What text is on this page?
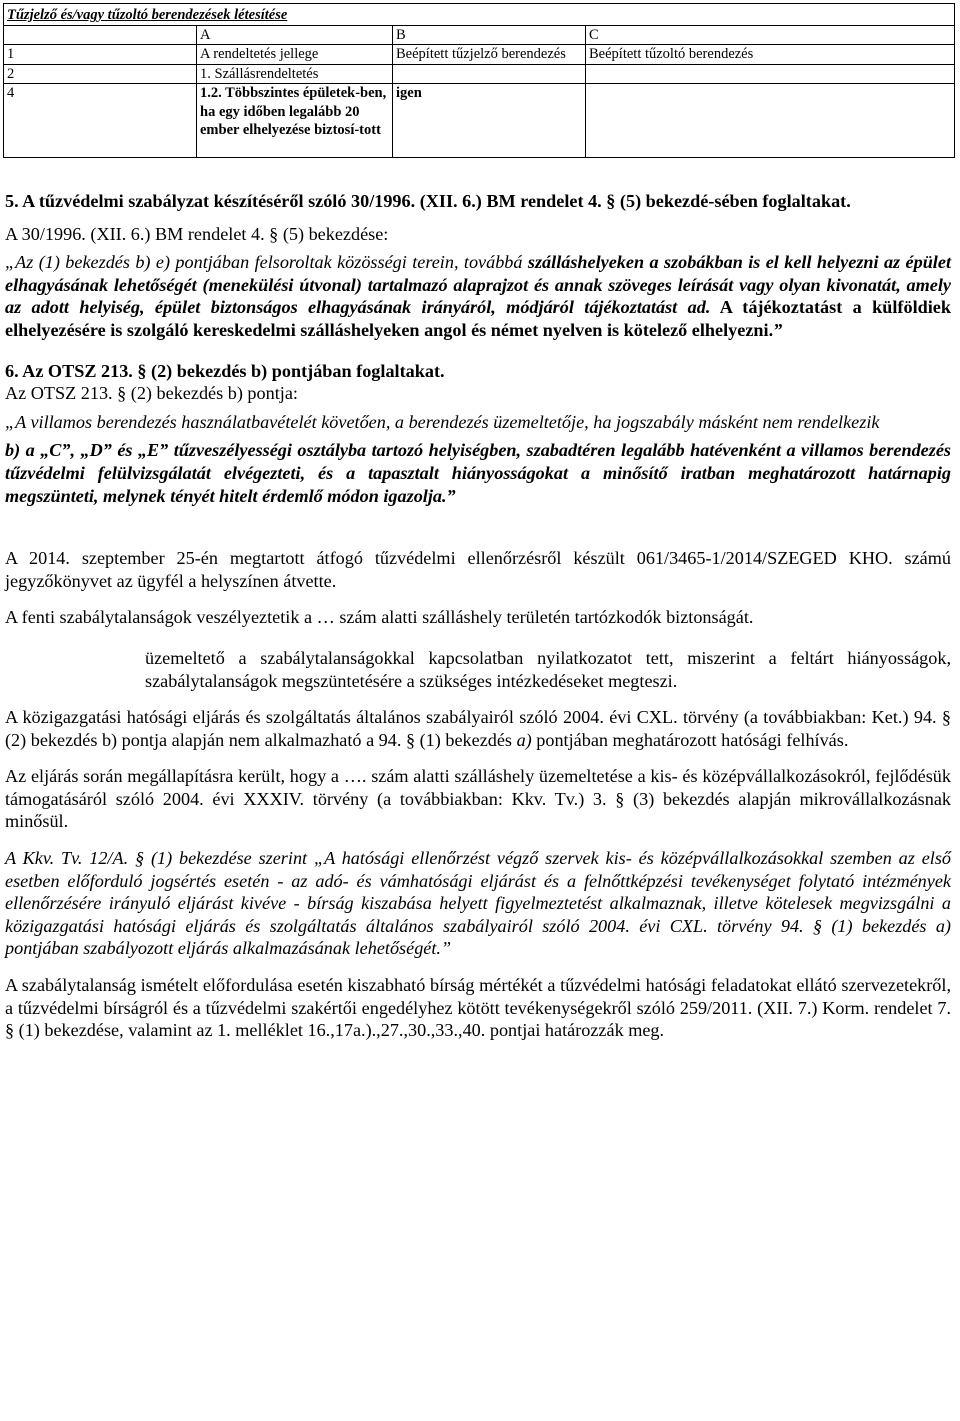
Tűzjelző és/vagy tűzoltó berendezések létesítése			
	A	B	C
1	A rendeltetés jellege	Beépített tűzjelző berendezés	Beépített tűzoltó berendezés
2	1. Szállásrendeltetés		
4	1.2. Többszintes épületek-ben, ha egy időben legalább 20 ember elhelyezése biztosí-tott	igen	

5. A tűzvédelmi szabályzat készítéséről szóló 30/1996. (XII. 6.) BM rendelet 4. § (5) bekezdé-sében foglaltakat.

A 30/1996. (XII. 6.) BM rendelet 4. § (5) bekezdése:

„Az (1) bekezdés b) e) pontjában felsoroltak közösségi terein, továbbá szálláshelyeken a szobákban is el kell helyezni az épület elhagyásának lehetőségét (menekülési útvonal) tartalmazó alaprajzot és annak szöveges leírását vagy olyan kivonatát, amely az adott helyiség, épület biztonságos elhagyásának irányáról, módjáról tájékoztatást ad. A tájékoztatást a külföldiek elhelyezésére is szolgáló kereskedelmi szálláshelyeken angol és német nyelven is kötelező elhelyezni.”

6. Az OTSZ 213. § (2) bekezdés b) pontjában foglaltakat.

Az OTSZ 213. § (2) bekezdés b) pontja:

„A villamos berendezés használatbavételét követően, a berendezés üzemeltetője, ha jogszabály másként nem rendelkezik

b) a „C”, „D” és „E” tűzveszélyességi osztályba tartozó helyiségben, szabadtéren legalább hatévenként a villamos berendezés tűzvédelmi felülvizsgálatát elvégezteti, és a tapasztalt hiányosságokat a minősítő iratban meghatározott határnapig megszünteti, melynek tényét hitelt érdemlő módon igazolja.”

A 2014. szeptember 25-én megtartott átfogó tűzvédelmi ellenőrzésről készült 061/3465-1/2014/SZEGED KHO. számú jegyzőkönyvet az ügyfél a helyszínen átvette.

A fenti szabálytalanságok veszélyeztetik a … szám alatti szálláshely területén tartózkodók biztonságát.

üzemeltető a szabálytalanságokkal kapcsolatban nyilatkozatot tett, miszerint a feltárt hiányosságok, szabálytalanságok megszüntetésére a szükséges intézkedéseket megteszi.

A közigazgatási hatósági eljárás és szolgáltatás általános szabályairól szóló 2004. évi CXL. törvény (a továbbiakban: Ket.) 94. § (2) bekezdés b) pontja alapján nem alkalmazható a 94. § (1) bekezdés a) pontjában meghatározott hatósági felhívás.

Az eljárás során megállapításra került, hogy a …. szám alatti szálláshely üzemeltetése a kis- és középvállalkozásokról, fejlődésük támogatásáról szóló 2004. évi XXXIV. törvény (a továbbiakban: Kkv. Tv.) 3. § (3) bekezdés alapján mikrovállalkozásnak minősül.

A Kkv. Tv. 12/A. § (1) bekezdése szerint „A hatósági ellenőrzést végző szervek kis- és középvállalkozásokkal szemben az első esetben előforduló jogsértés esetén - az adó- és vámhatósági eljárást és a felnőttképzési tevékenységet folytató intézmények ellenőrzésére irányuló eljárást kivéve - bírság kiszabása helyett figyelmeztetést alkalmaznak, illetve kötelesek megvizsgálni a közigazgatási hatósági eljárás és szolgáltatás általános szabályairól szóló 2004. évi CXL. törvény 94. § (1) bekezdés a) pontjában szabályozott eljárás alkalmazásának lehetőségét.”

A szabálytalanság ismételt előfordulása esetén kiszabható bírság mértékét a tűzvédelmi hatósági feladatokat ellátó szervezetekről, a tűzvédelmi bírságról és a tűzvédelmi szakértői engedélyhez kötött tevékenységekről szóló 259/2011. (XII. 7.) Korm. rendelet 7. § (1) bekezdése, valamint az 1. melléklet 16.,17a.).,27.,30.,33.,40. pontjai határozzák meg.
